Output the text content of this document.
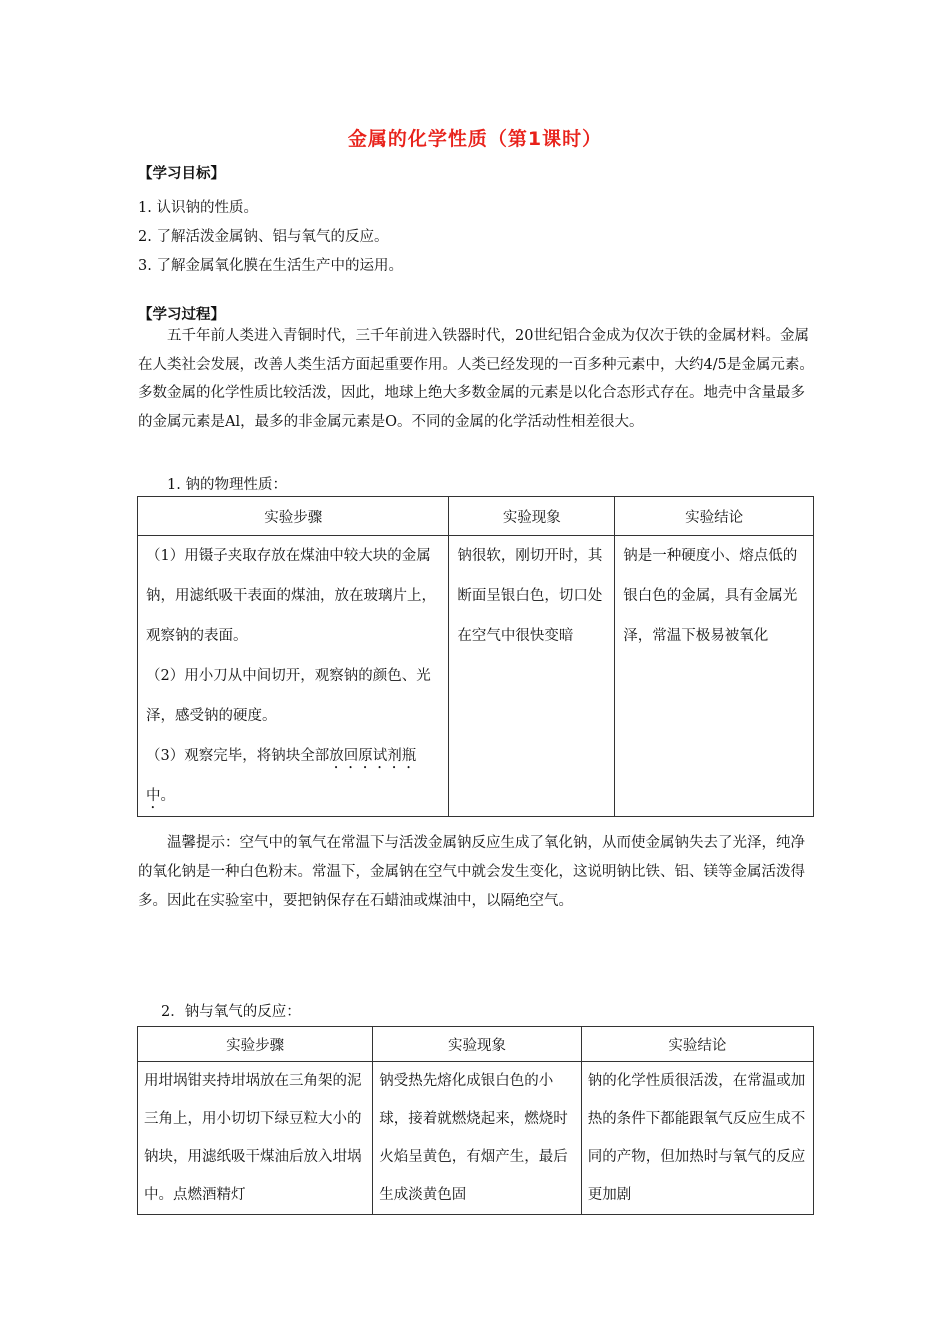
金属的化学性质（第1课时）
【学习目标】
1. 认识钠的性质。
2. 了解活泼金属钠、铝与氧气的反应。
3. 了解金属氧化膜在生活生产中的运用。
【学习过程】
五千年前人类进入青铜时代，三千年前进入铁器时代，20世纪铝合金成为仅次于铁的金属材料。金属在人类社会发展，改善人类生活方面起重要作用。人类已经发现的一百多种元素中，大约4/5是金属元素。多数金属的化学性质比较活泼，因此，地球上绝大多数金属的元素是以化合态形式存在。地壳中含量最多的金属元素是Al，最多的非金属元素是O。不同的金属的化学活动性相差很大。
1. 钠的物理性质：
实验步骤	实验现象	实验结论

（1）用镊子夹取存放在煤油中较大块的金属钠，用滤纸吸干表面的煤油，放在玻璃片上，观察钠的表面。
（2）用小刀从中间切开，观察钠的颜色、光泽，感受钠的硬度。
（3）观察完毕，将钠块全部放回原试剂瓶中。	钠很软，刚切开时，其断面呈银白色，切口处在空气中很快变暗	钠是一种硬度小、熔点低的银白色的金属，具有金属光泽，常温下极易被氧化
温馨提示：空气中的氧气在常温下与活泼金属钠反应生成了氧化钠，从而使金属钠失去了光泽，纯净的氧化钠是一种白色粉末。常温下，金属钠在空气中就会发生变化，这说明钠比铁、铝、镁等金属活泼得多。因此在实验室中，要把钠保存在石蜡油或煤油中，以隔绝空气。
2．钠与氧气的反应：
实验步骤	实验现象	实验结论
用坩埚钳夹持坩埚放在三角架的泥三角上，用小切切下绿豆粒大小的钠块，用滤纸吸干煤油后放入坩埚中。点燃酒精灯	钠受热先熔化成银白色的小球，接着就燃烧起来，燃烧时火焰呈黄色，有烟产生，最后生成淡黄色固	钠的化学性质很活泼，在常温或加热的条件下都能跟氧气反应生成不同的产物，但加热时与氧气的反应更加剧
